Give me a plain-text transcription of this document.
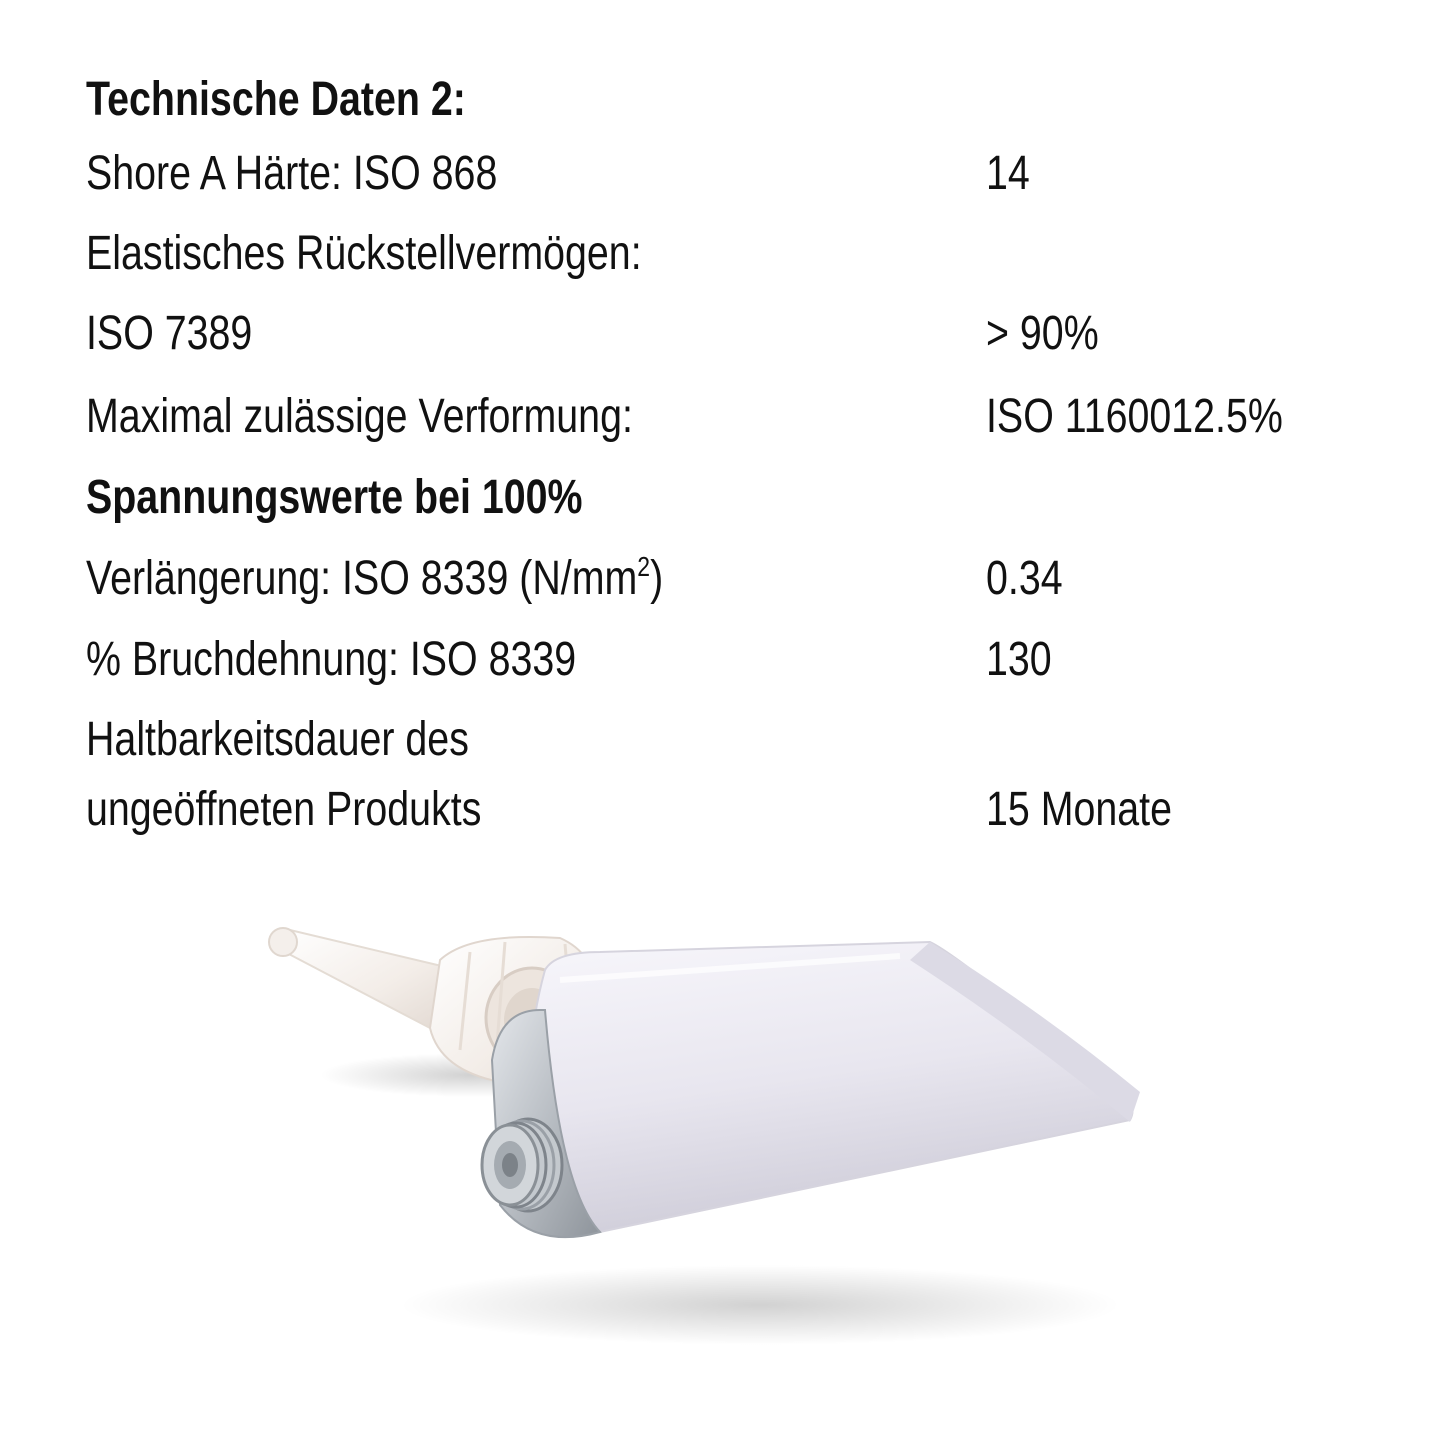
Technische Daten 2:
Shore A Härte: ISO 868	14
Elastisches Rückstellvermögen:
ISO 7389	> 90%
Maximal zulässige Verformung:	ISO 1160012.5%
Spannungswerte bei 100%
Verlängerung: ISO 8339 $(N/mm^2)$	0.34
% Bruchdehnung: ISO 8339	130
Haltbarkeitsdauer des
ungeöffneten Produkts	15 Monate
